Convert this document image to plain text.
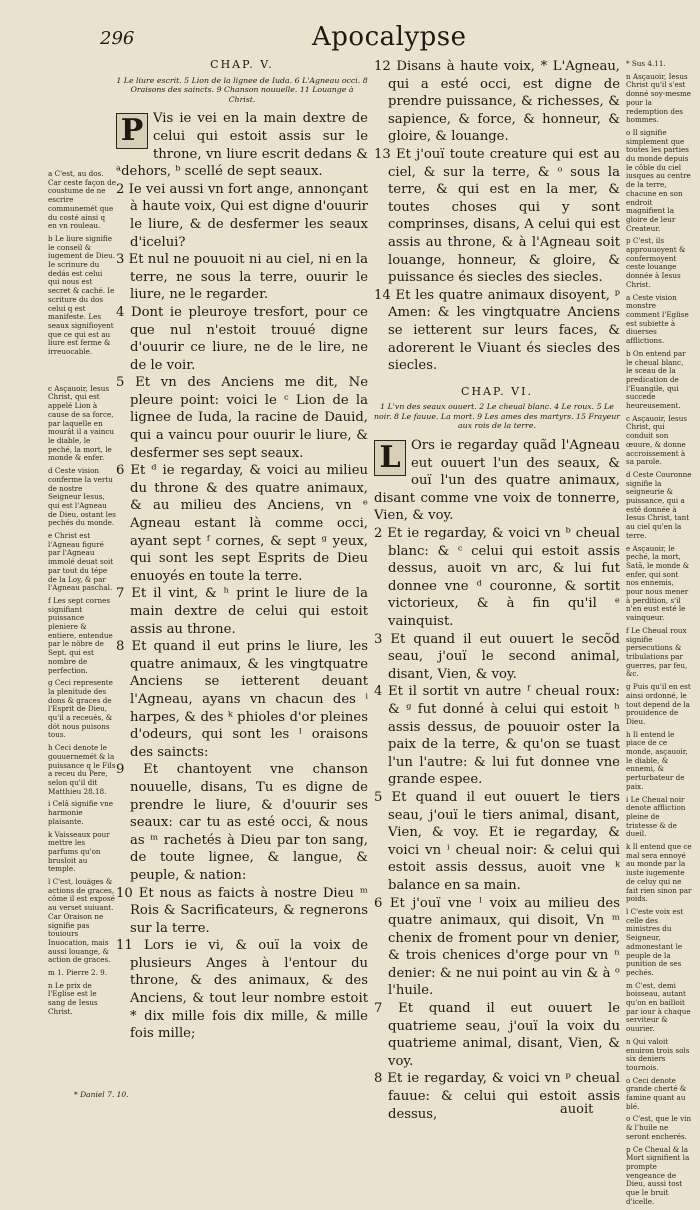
296	Apocalypse

a C'est, au dos. Car ceste façon de coustume de ne escrire communemét que du costé ainsi q en vn rouleau.

b Le liure signifie le conseil & iugement de Dieu. Ie scrinure du dedás est celui qui nous est secret & caché. Ie scriture du dos celui q est manifeste. Les seaux signifioyent que ce qui est au liure est ferme & irreuocable.

c Asçauoir, Iesus Christ, qui est appelé Lion à cause de sa force, par laquelle en mourât il a vaincu le diable, le peché, la mort, le monde & enfer.

d Ceste vision conferme la vertu de nostre Seigneur Iesus, qui est l'Agneau de Dieu, ostant les pechés du monde.

e Christ est l'Agneau figuré par l'Agneau immolé deuat soit par tout du tépe de la Loy, & par l'Agneau paschal.

f Les sept cornes signifiant puissance pleniere & entiere, entendue par le nöbre de Sept. qui est nombre de perfection.

g Ceci represente la plenitude des dons & graces de l'Esprit de Dieu, qu'il a receués, & dót nous puisons tous.

h Ceci denote le gouuernemét & la puissance q le Fils a receu du Pere, selon qu'il dit Matthieu 28.18.

i Celâ signifie vne harmonie plaisante.

k Vaisseaux pour mettre les parfums qu'on brusloit au temple.

l C'est, louäges & actions de graces, côme il est exposé au verset suiuant. Car Oraison ne signifie pas touiours Inuocation, mais aussi louange, & action de graces.

m 1. Pierre 2. 9.

n Le prix de l'Eglise est le sang de Iesus Christ.

* Daniel 7. 10.
CHAP. V.
1 Le liure escrit. 5 Lion de la lignee de Iuda. 6 L'Agneau occi. 8 Oraisons des saincts. 9 Chanson nouuelle. 11 Louange à Christ.
P Vis ie vei en la main dextre de celui qui estoit assis sur le throne, vn liure escrit dedans & ᵃdehors, ᵇ scellé de sept seaux.

2 Ie vei aussi vn fort ange, annonçant à haute voix, Qui est digne d'ouurir le liure, & de desfermer les seaux d'icelui?

3 Et nul ne pouuoit ni au ciel, ni en la terre, ne sous la terre, ouurir le liure, ne le regarder.

4 Dont ie pleuroye tresfort, pour ce que nul n'estoit trouué digne d'ouurir ce liure, ne de le lire, ne de le voir.

5 Et vn des Anciens me dit, Ne pleure point: voici le ᶜ Lion de la lignee de Iuda, la racine de Dauid, qui a vaincu pour ouurir le liure, & desfermer ses sept seaux.

6 Et ᵈ ie regarday, & voici au milieu du throne & des quatre animaux, & au milieu des Anciens, vn ᵉ Agneau estant là comme occi, ayant sept ᶠ cornes, & sept ᵍ yeux, qui sont les sept Esprits de Dieu enuoyés en toute la terre.

7 Et il vint, & ʰ print le liure de la main dextre de celui qui estoit assis au throne.

8 Et quand il eut prins le liure, les quatre animaux, & les vingtquatre Anciens se ietterent deuant l'Agneau, ayans vn chacun des ⁱ harpes, & des ᵏ phioles d'or pleines d'odeurs, qui sont les ˡ oraisons des saincts:

9 Et chantoyent vne chanson nouuelle, disans, Tu es digne de prendre le liure, & d'ouurir ses seaux: car tu as esté occi, & nous as ᵐ rachetés à Dieu par ton sang, de toute lignee, & langue, & peuple, & nation:

10 Et nous as faicts à nostre Dieu ᵐ Rois & Sacrificateurs, & regnerons sur la terre.

11 Lors ie vi, & ouï la voix de plusieurs Anges à l'entour du throne, & des animaux, & des Anciens, & tout leur nombre estoit * dix mille fois dix mille, & mille fois mille;

12 Disans à haute voix, * L'Agneau, qui a esté occi, est digne de prendre puissance, & richesses, & sapience, & force, & honneur, & gloire, & louange.

13 Et j'ouï toute creature qui est au ciel, & sur la terre, & ᵒ sous la terre, & qui est en la mer, & toutes choses qui y sont comprinses, disans, A celui qui est assis au throne, & à l'Agneau soit louange, honneur, & gloire, & puissance és siecles des siecles.

14 Et les quatre animaux disoyent, ᵖ Amen: & les vingtquatre Anciens se ietterent sur leurs faces, & adorerent le Viuant és siecles des siecles.

CHAP. VI.
1 L'vn des seaux ouuert. 2 Le cheual blanc. 4 Le roux. 5 Le noir. 8 Le fauue. La mort. 9 Les ames des martyrs. 15 Frayeur aux rois de la terre.
L Ors ie regarday quãd l'Agneau eut ouuert l'un des seaux, & ouï l'un des quatre animaux, disant comme vne voix de tonnerre, Vien, & voy.

2 Et ie regarday, & voici vn ᵇ cheual blanc: & ᶜ celui qui estoit assis dessus, auoit vn arc, & lui fut donnee vne ᵈ couronne, & sortit victorieux, & à fin qu'il ᵉ vainquist.

3 Et quand il eut ouuert le secõd seau, j'ouï le second animal, disant, Vien, & voy.

4 Et il sortit vn autre ᶠ cheual roux: & ᵍ fut donné à celui qui estoit ʰ assis dessus, de pouuoir oster la paix de la terre, & qu'on se tuast l'un l'autre: & lui fut donnee vne grande espee.

5 Et quand il eut ouuert le tiers seau, j'ouï le tiers animal, disant, Vien, & voy. Et ie regarday, & voici vn ⁱ cheual noir: & celui qui estoit assis dessus, auoit vne ᵏ balance en sa main.

6 Et j'ouï vne ˡ voix au milieu des quatre animaux, qui disoit, Vn ᵐ chenix de froment pour vn denier, & trois chenices d'orge pour vn ⁿ denier: & ne nui point au vin & à ᵒ l'huile.

7 Et quand il eut ouuert le quatrieme seau, j'ouï la voix du quatrieme animal, disant, Vien, & voy.

8 Et ie regarday, & voici vn ᵖ cheual fauue: & celui qui estoit assis dessus,	auoit

* Sus 4.11.

n Asçauoir, Iesus Christ qu'il s'est donné soy-mesme pour la redemption des hommes.

o Il signifie simplement que toutes les parties du monde depuis le côble du ciel iusques au centre de la terre, chacune en son endroit magnifient la gloire de leur Createur.

p C'est, ils approuuoyent & confermoyent ceste louange donnée à Iesus Christ.

a Ceste vision monstre comment l'Eglise est subiette à diuerses afflictions.

b On entend par le cheual blanc, le sceau de la predication de l'Euangile, qui succede heureusement.

c Asçauoir, Iesus Christ, qui conduit son œuure, & donne accroissement à sa parole.

d Ceste Couronne signifie la seigneurie & puissance, qui a esté donnée à Iesus Christ, tant au ciel qu'en la terre.

e Asçauoir, le peché, la mort, Satã, le monde & enfer, qui sont nos ennemis, pour nous mener à perdition, s'il n'en eust esté le vainqueur.

f Le Cheual roux signifie persecutions & tribulations par guerres, par feu, &c.

g Puis qu'il en est ainsi ordonné, le tout depend de la prouidence de Dieu.

h Il entend le piace de ce monde, asçauoir, le diable, & ennemi, & perturbateur de paix.

i Le Cheual noir denote affliction pleine de tristesse & de dueil.

k Il entend que ce mal sera ennoyé au monde par la iuste iugemente de celuy qui ne fait rien sinon par poids.

l C'este voix est celle des ministres du Seigneur, admonestant le peuple de la punition de ses pechés.

m C'est, demi boisseau, autant qu'on en bailloit par iour à chaque serviteur & ouurier.

n Qui valoit enuiron trois sols six deniers tournois.

o Ceci denote grande cherté & famine quant au blé.

o C'est, que le vin & l'huile ne seront encherés.

p Ce Cheual & la Mort signifient la prompte vengeance de Dieu, aussi tost que le bruit d'icelle.
